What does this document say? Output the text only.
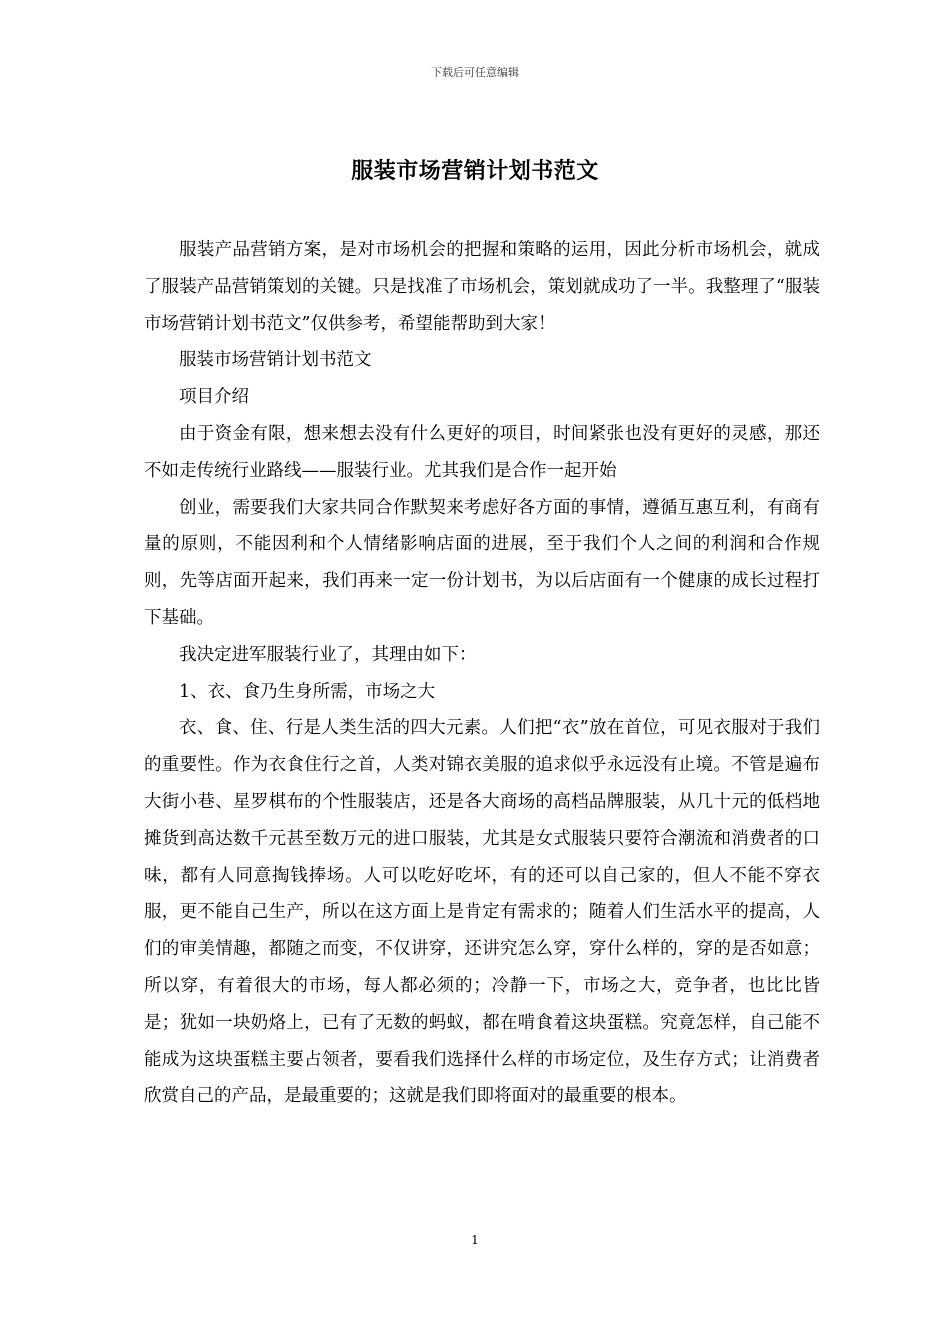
下载后可任意编辑
服装市场营销计划书范文

服装产品营销方案，是对市场机会的把握和策略的运用，因此分析市场机会，就成了服装产品营销策划的关键。只是找准了市场机会，策划就成功了一半。我整理了“服装市场营销计划书范文”仅供参考，希望能帮助到大家！

服装市场营销计划书范文

项目介绍

由于资金有限，想来想去没有什么更好的项目，时间紧张也没有更好的灵感，那还不如走传统行业路线——服装行业。尤其我们是合作一起开始

创业，需要我们大家共同合作默契来考虑好各方面的事情，遵循互惠互利，有商有量的原则，不能因利和个人情绪影响店面的进展，至于我们个人之间的利润和合作规则，先等店面开起来，我们再来一定一份计划书，为以后店面有一个健康的成长过程打下基础。

我决定进军服装行业了，其理由如下：

1、衣、食乃生身所需，市场之大

衣、食、住、行是人类生活的四大元素。人们把“衣”放在首位，可见衣服对于我们的重要性。作为衣食住行之首，人类对锦衣美服的追求似乎永远没有止境。不管是遍布大街小巷、星罗棋布的个性服装店，还是各大商场的高档品牌服装，从几十元的低档地摊货到高达数千元甚至数万元的进口服装，尤其是女式服装只要符合潮流和消费者的口味，都有人同意掏钱捧场。人可以吃好吃坏，有的还可以自己家的，但人不能不穿衣服，更不能自己生产，所以在这方面上是肯定有需求的；随着人们生活水平的提高，人们的审美情趣，都随之而变，不仅讲穿，还讲究怎么穿，穿什么样的，穿的是否如意；所以穿，有着很大的市场，每人都必须的；冷静一下，市场之大，竞争者，也比比皆是；犹如一块奶烙上，已有了无数的蚂蚁，都在啃食着这块蛋糕。究竟怎样，自己能不能成为这块蛋糕主要占领者，要看我们选择什么样的市场定位，及生存方式；让消费者欣赏自己的产品，是最重要的；这就是我们即将面对的最重要的根本。

1
